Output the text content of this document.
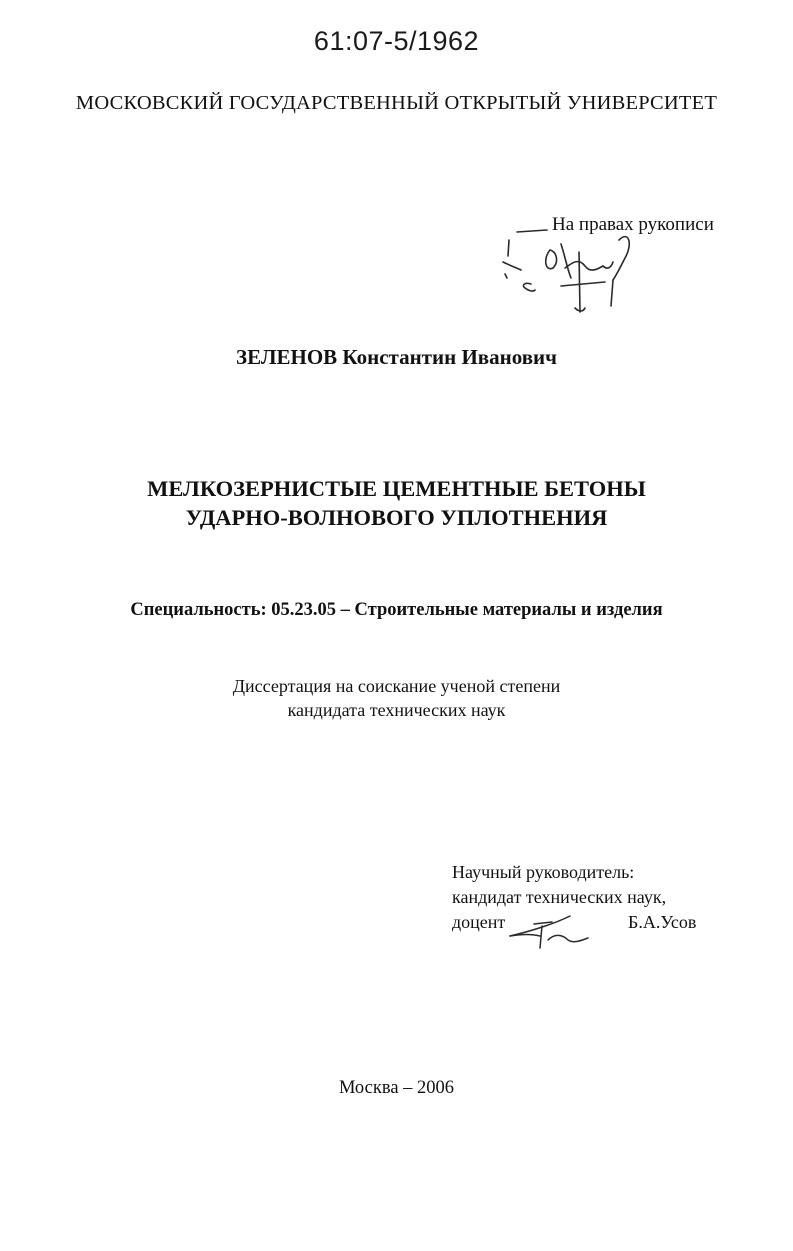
61:07-5/1962
МОСКОВСКИЙ ГОСУДАРСТВЕННЫЙ ОТКРЫТЫЙ УНИВЕРСИТЕТ
На правах рукописи
ЗЕЛЕНОВ Константин Иванович
МЕЛКОЗЕРНИСТЫЕ ЦЕМЕНТНЫЕ БЕТОНЫ
УДАРНО-ВОЛНОВОГО УПЛОТНЕНИЯ
Специальность: 05.23.05 – Строительные материалы и изделия
Диссертация на соискание ученой степени
кандидата технических наук
Научный руководитель:
кандидат технических наук,
доцент	Б.А.Усов
Москва – 2006
